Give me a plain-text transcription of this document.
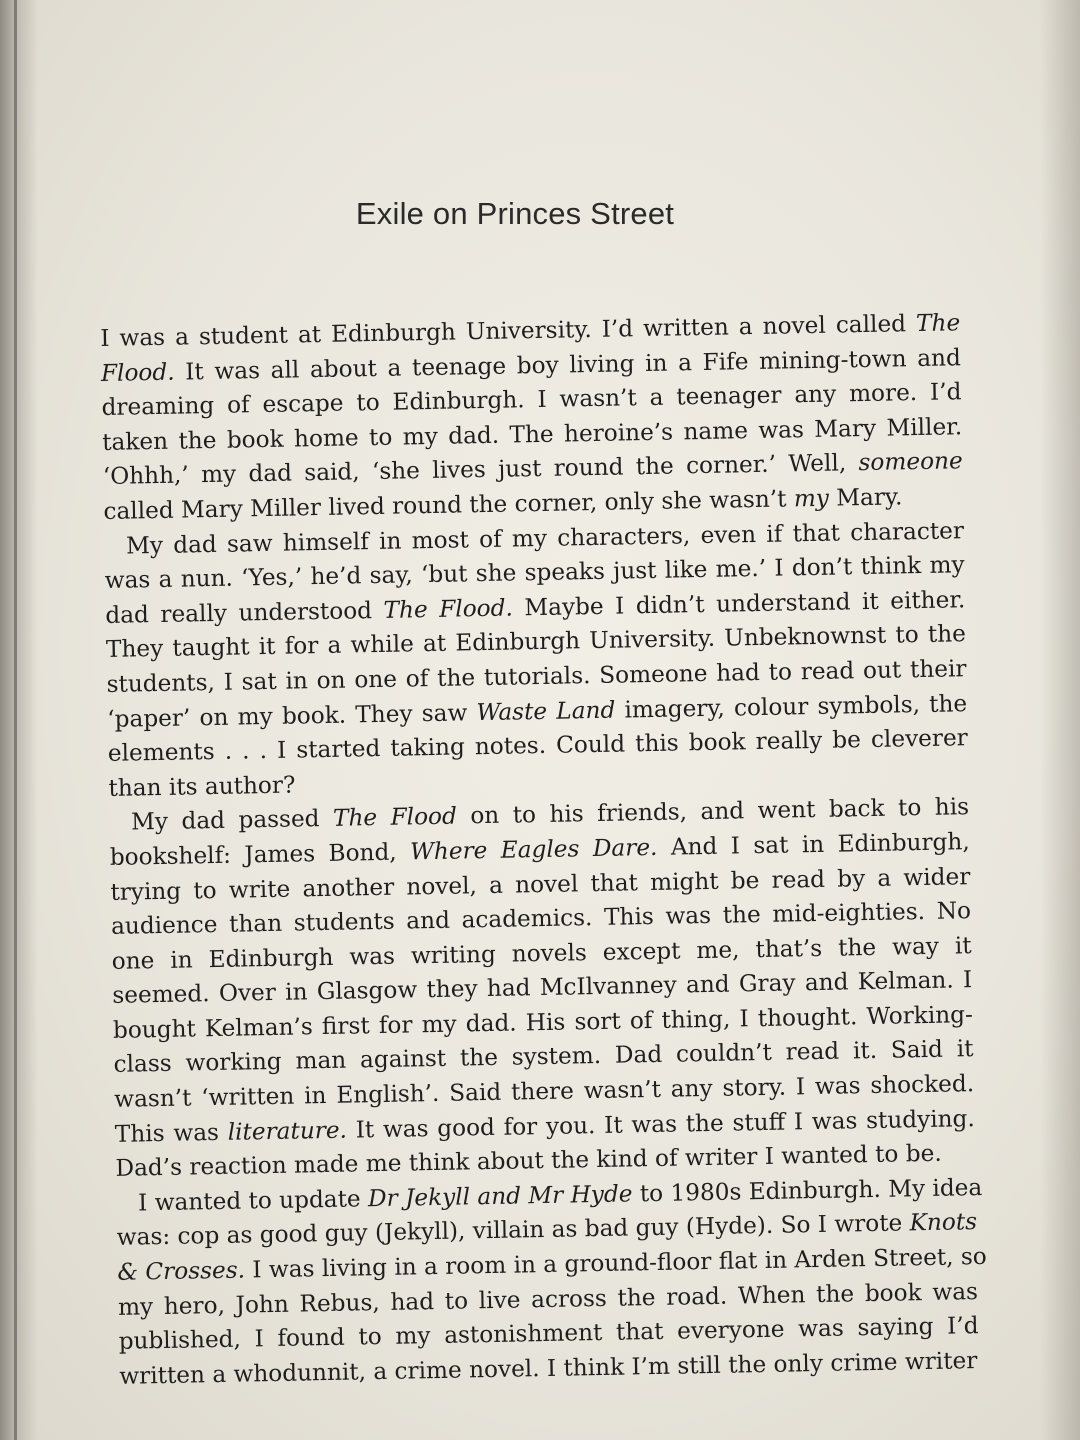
Exile on Princes Street
I was a student at Edinburgh University. I’d written a novel called The
Flood. It was all about a teenage boy living in a Fife mining-town and
dreaming of escape to Edinburgh. I wasn’t a teenager any more. I’d
taken the book home to my dad. The heroine’s name was Mary Miller.
‘Ohhh,’ my dad said, ‘she lives just round the corner.’ Well, someone
called Mary Miller lived round the corner, only she wasn’t my Mary.
My dad saw himself in most of my characters, even if that character
was a nun. ‘Yes,’ he’d say, ‘but she speaks just like me.’ I don’t think my
dad really understood The Flood. Maybe I didn’t understand it either.
They taught it for a while at Edinburgh University. Unbeknownst to the
students, I sat in on one of the tutorials. Someone had to read out their
‘paper’ on my book. They saw Waste Land imagery, colour symbols, the
elements . . . I started taking notes. Could this book really be cleverer
than its author?
My dad passed The Flood on to his friends, and went back to his
bookshelf: James Bond, Where Eagles Dare. And I sat in Edinburgh,
trying to write another novel, a novel that might be read by a wider
audience than students and academics. This was the mid-eighties. No
one in Edinburgh was writing novels except me, that’s the way it
seemed. Over in Glasgow they had McIlvanney and Gray and Kelman. I
bought Kelman’s first for my dad. His sort of thing, I thought. Working-
class working man against the system. Dad couldn’t read it. Said it
wasn’t ‘written in English’. Said there wasn’t any story. I was shocked.
This was literature. It was good for you. It was the stuff I was studying.
Dad’s reaction made me think about the kind of writer I wanted to be.
I wanted to update Dr Jekyll and Mr Hyde to 1980s Edinburgh. My idea
was: cop as good guy (Jekyll), villain as bad guy (Hyde). So I wrote Knots
& Crosses. I was living in a room in a ground-floor flat in Arden Street, so
my hero, John Rebus, had to live across the road. When the book was
published, I found to my astonishment that everyone was saying I’d
written a whodunnit, a crime novel. I think I’m still the only crime writer
